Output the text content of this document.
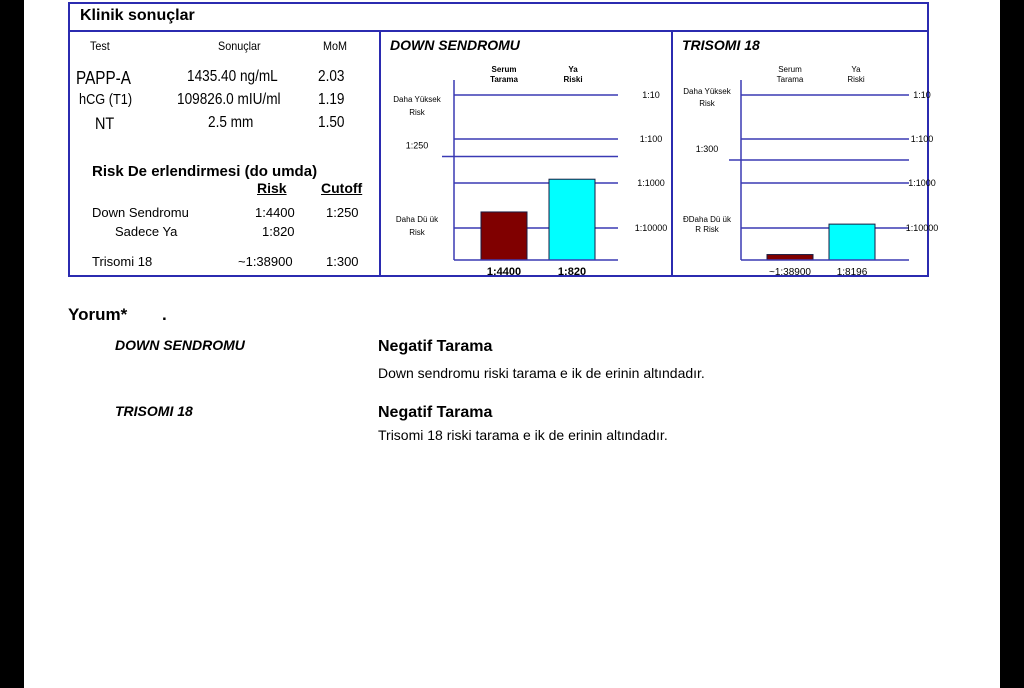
Klinik sonuçlar
Test	Sonuçlar	MoM
PAPP-A	1435.40 ng/mL	2.03
hCG (T1)	109826.0 mIU/ml 1.19
NT	2.5 mm	1.50
Risk De erlendirmesi (do umda)
Risk Cutoff
Down Sendromu	1:4400 1:250
Sadece Ya	1:820
Trisomi 18	~1:38900	1:300
DOWN SENDROMU
1:10
1:100
1:1000
1:10000
1:250
Daha Yüksek
Risk
Daha Dü ük
Risk
Serum Tarama
Ya Riski
1:4400	1:820
TRISOMI 18
1:10
1:100
1:1000
1:10000
1:300
Daha Yüksek
Risk
ÐDaha Dü ük R Risk
Serum Tarama
Ya Riski
~1:38900	1:8196
Yorum* .
DOWN SENDROMU	Negatif Tarama
Down sendromu riski tarama e ik de erinin altındadır.
TRISOMI 18	Negatif Tarama
Trisomi 18 riski tarama e ik de erinin altındadır.
